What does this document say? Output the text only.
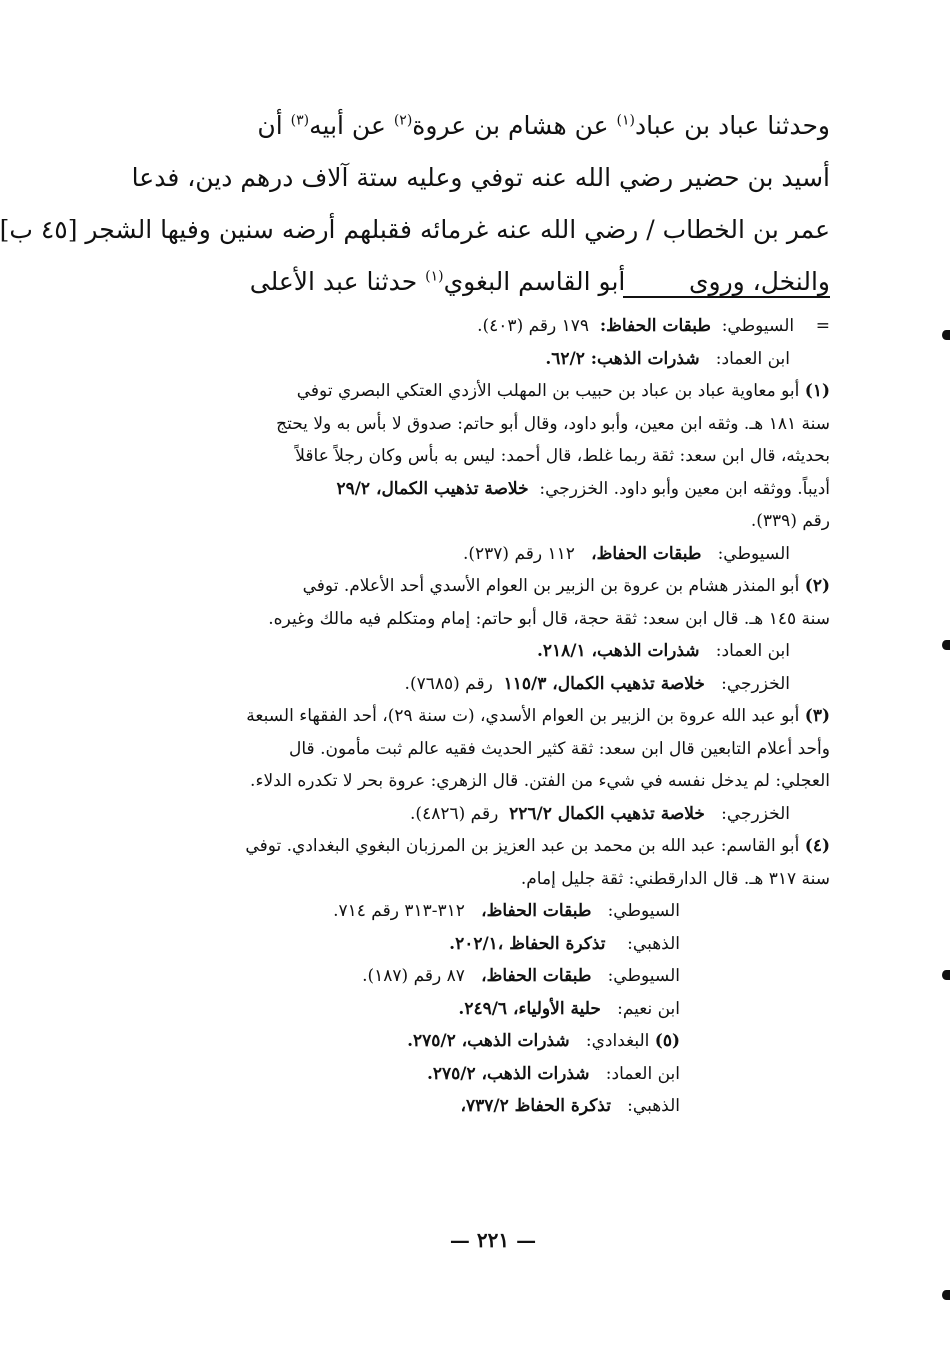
وحدثنا عباد بن عباد$^{(١)}$ عن هشام بن عروة$^{(٢)}$ عن أبيه$^{(٣)}$ أن
أسيد بن حضير رضي الله عنه توفي وعليه ستة آلاف درهم دين، فدعا
عمر بن الخطاب / رضي الله عنه غرمائه فقبلهم أرضه سنين وفيها الشجر [٤٥ ب]
والنخل، وروى        أبو القاسم البغوي$^{(١)}$ حدثنا عبد الأعلى
=    السيوطي:  طبقات الحفاظ:  ١٧٩ رقم (٤٠٣).
ابن العماد:   شذرات الذهب: ٦٢/٢.
(١) أبو معاوية عباد بن عباد بن حبيب بن المهلب الأزدي العتكي البصري توفي
سنة ١٨١ هـ. وثقه ابن معين، وأبو داود، وقال أبو حاتم: صدوق لا بأس به ولا يحتج
بحديثه، قال ابن سعد: ثقة ربما غلط، قال أحمد: ليس به بأس وكان رجلاً عاقلاً
أديباً. ووثقه ابن معين وأبو داود. الخزرجي:  خلاصة تذهيب الكمال، ٢٩/٢
رقم (٣٣٩).
السيوطي:   طبقات الحفاظ،   ١١٢ رقم (٢٣٧).
(٢) أبو المنذر هشام بن عروة بن الزبير بن العوام الأسدي أحد الأعلام. توفي
سنة ١٤٥ هـ. قال ابن سعد: ثقة حجة، قال أبو حاتم: إمام ومتكلم فيه مالك وغيره.
ابن العماد:   شذرات الذهب، ٢١٨/١.
الخزرجي:   خلاصة تذهيب الكمال، ١١٥/٣  رقم (٧٦٨٥).
(٣) أبو عبد الله عروة بن الزبير بن العوام الأسدي، (ت سنة ٢٩)، أحد الفقهاء السبعة
وأحد أعلام التابعين قال ابن سعد: ثقة كثير الحديث فقيه عالم ثبت مأمون. قال
العجلي: لم يدخل نفسه في شيء من الفتن. قال الزهري: عروة بحر لا تكدره الدلاء.
الخزرجي:   خلاصة تذهيب الكمال ٢٢٦/٢  رقم (٤٨٢٦).
(٤) أبو القاسم: عبد الله بن محمد بن عبد العزيز بن المرزبان البغوي البغدادي. توفي
سنة ٣١٧ هـ. قال الدارقطني: ثقة جليل إمام.
السيوطي:   طبقات الحفاظ،   ٣١٢-٣١٣ رقم ٧١٤.
الذهبي:    تذكرة الحفاظ ،٢٠٢/١.
السيوطي:   طبقات الحفاظ،   ٨٧ رقم (١٨٧).
ابن نعيم:   حلية الأولياء، ٢٤٩/٦.
(٥) البغدادي:   شذرات الذهب، ٢٧٥/٢.
ابن العماد:   شذرات الذهب، ٢٧٥/٢.
الذهبي:   تذكرة الحفاظ ٧٣٧/٢،
— ٢٢١ —
